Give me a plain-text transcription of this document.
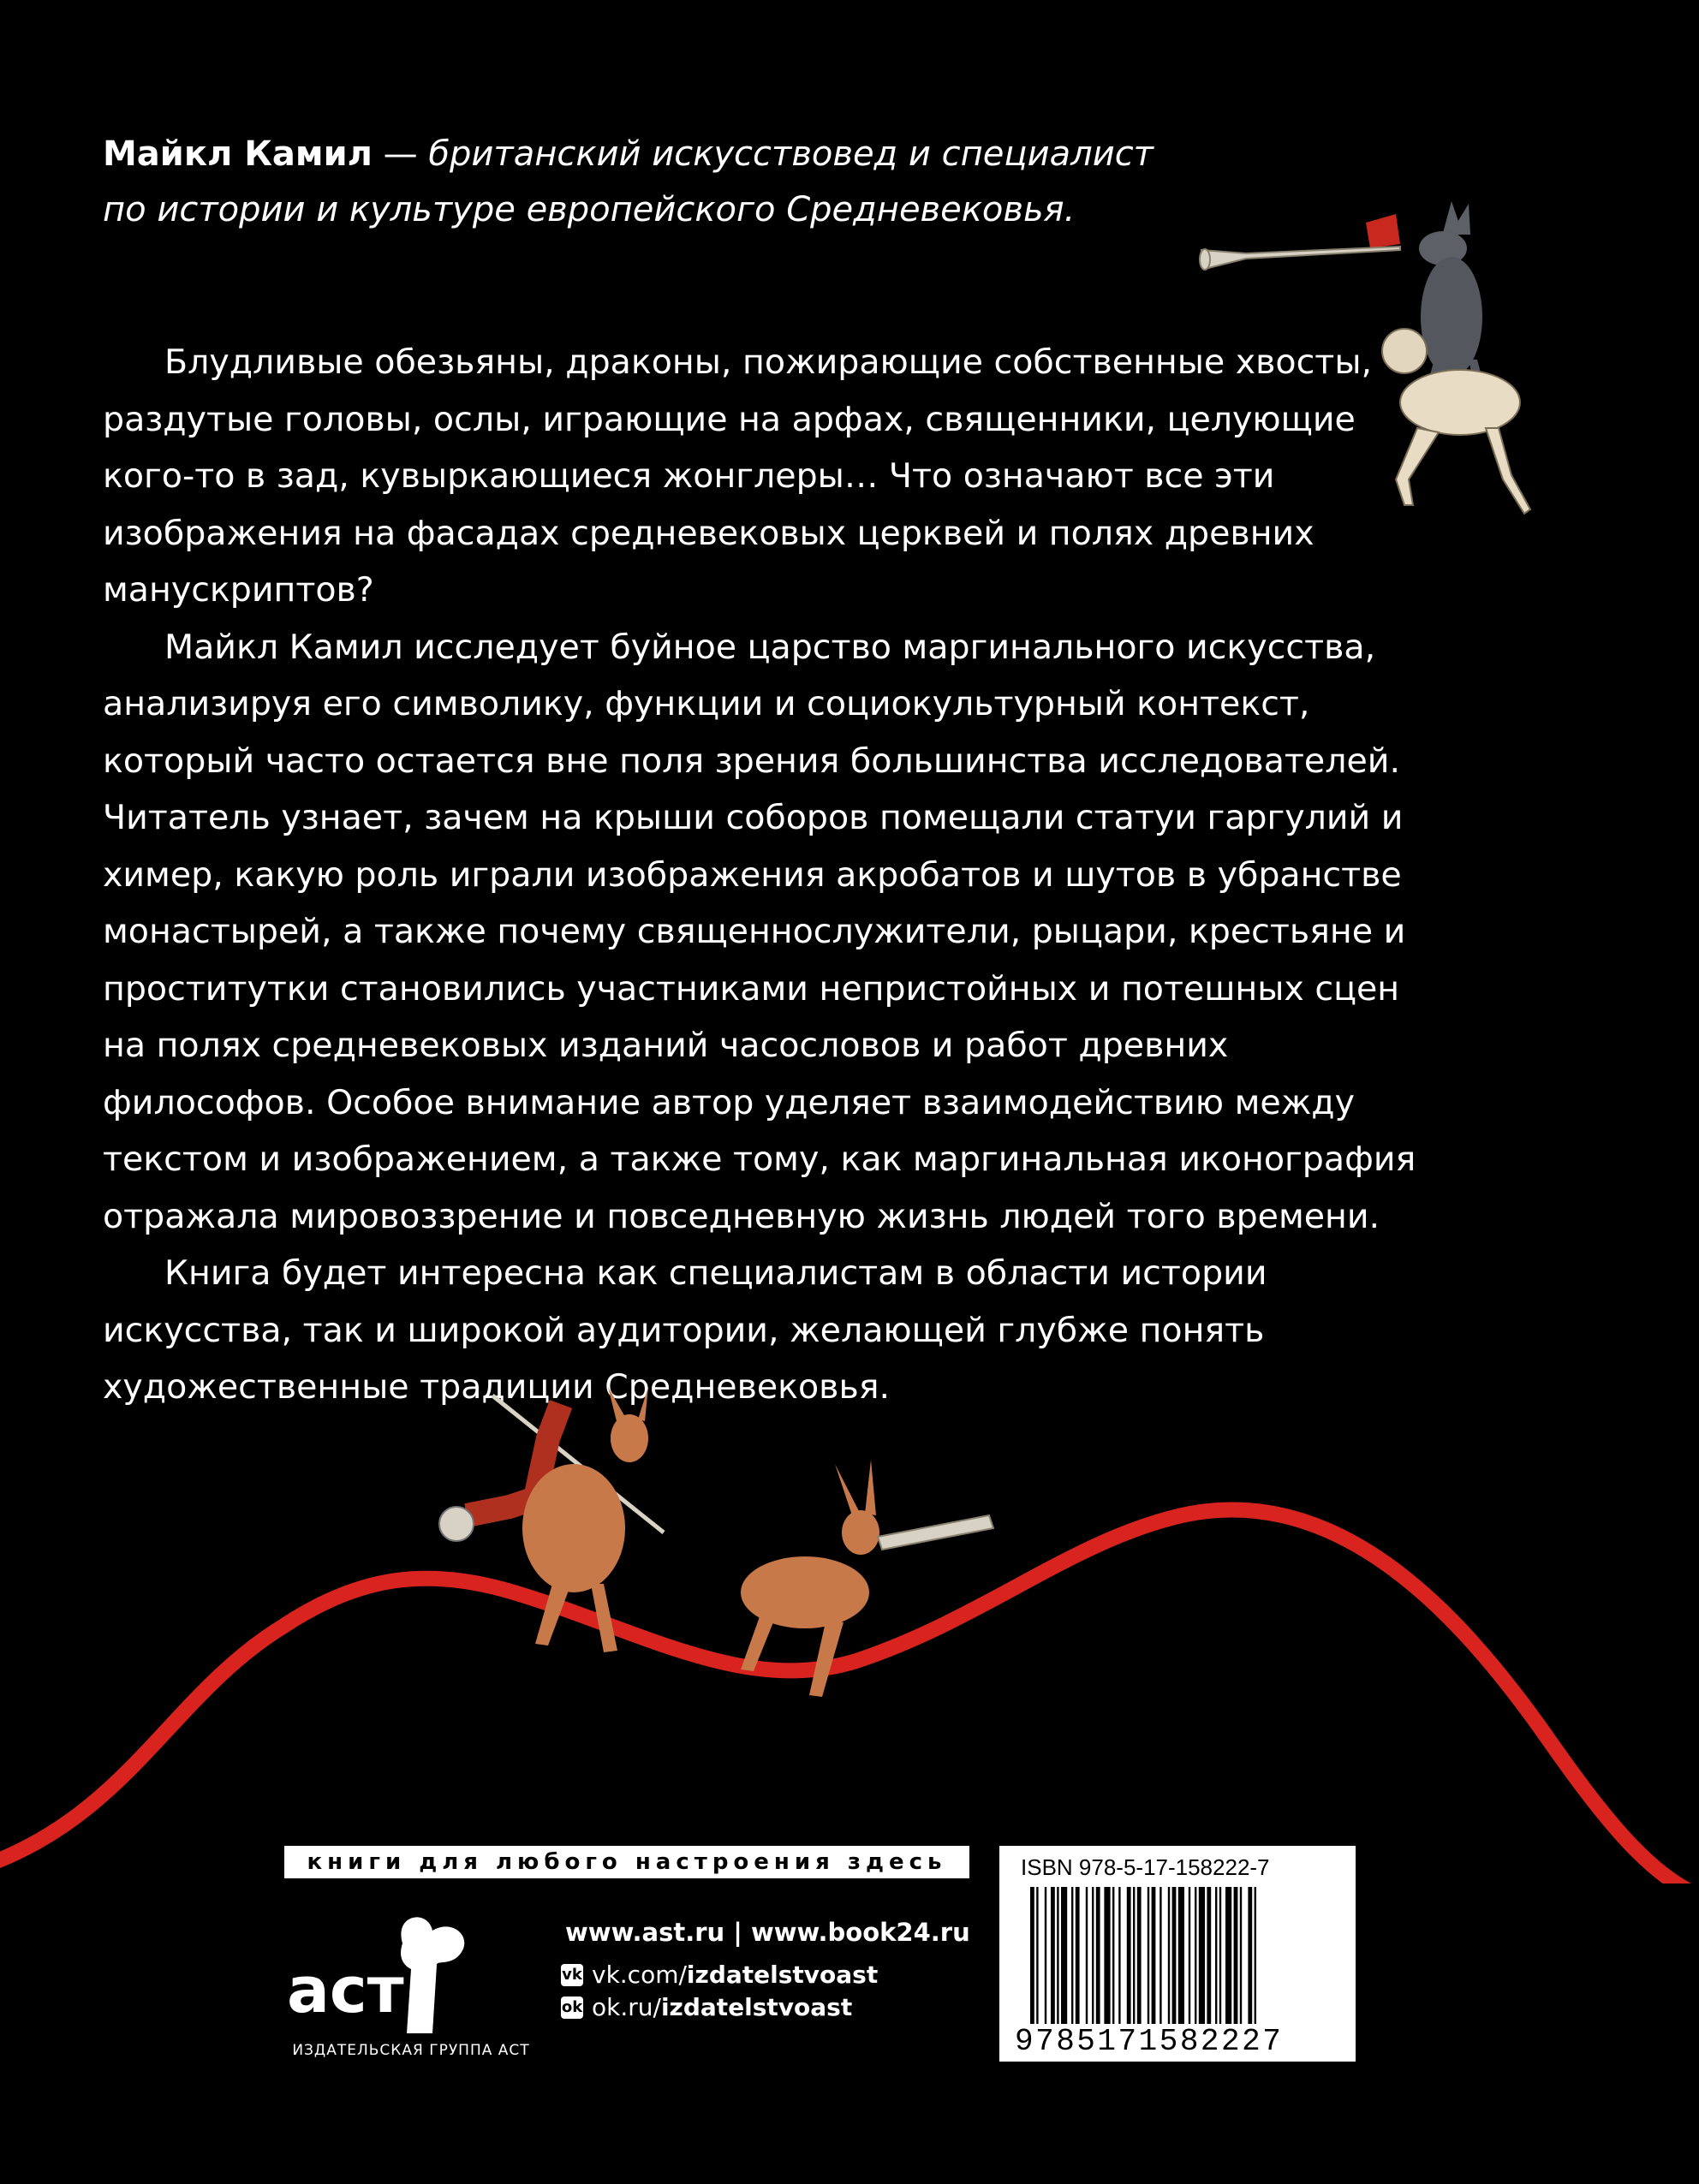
Майкл Камил — британский искусствовед и специалист
по истории и культуре европейского Средневековья.

Блудливые обезьяны, драконы, пожирающие собственные хвосты, раздутые головы, ослы, играющие на арфах, священники, целующие кого-то в зад, кувыркающиеся жонглеры… Что означают все эти изображения на фасадах средневековых церквей и полях древних манускриптов?

Майкл Камил исследует буйное царство маргинального искусства, анализируя его символику, функции и социокультурный контекст, который часто остается вне поля зрения большинства исследователей. Читатель узнает, зачем на крыши соборов помещали статуи гаргулий и химер, какую роль играли изображения акробатов и шутов в убранстве монастырей, а также почему священнослужители, рыцари, крестьяне и проститутки становились участниками непристойных и потешных сцен на полях средневековых изданий часословов и работ древних философов. Особое внимание автор уделяет взаимодействию между текстом и изображением, а также тому, как маргинальная иконография отражала мировоззрение и повседневную жизнь людей того времени.

Книга будет интересна как специалистам в области истории искусства, так и широкой аудитории, желающей глубже понять художественные традиции Средневековья.

книги для любого настроения здесь
аст
ИЗДАТЕЛЬСКАЯ ГРУППА АСТ
www.ast.ru | www.book24.ru
vk vk.com/izdatelstvoast
ok ok.ru/izdatelstvoast
ISBN 978-5-17-158222-7
9785171582227
